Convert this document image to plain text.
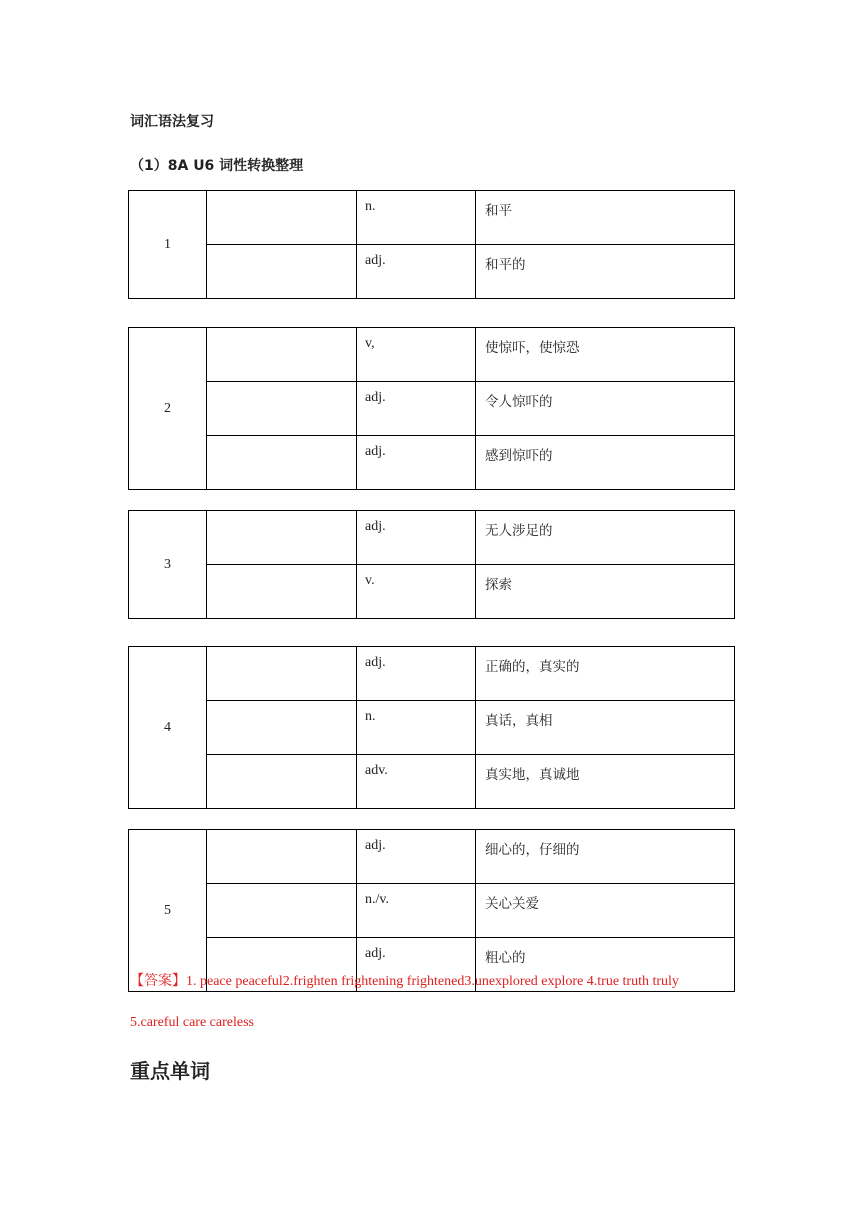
词汇语法复习
（1）8A U6 词性转换整理
1		n.	和平
		adj.	和平的
2		v,	使惊吓，使惊恐
		adj.	令人惊吓的
		adj.	感到惊吓的
3		adj.	无人涉足的
		v.	探索
4		adj.	正确的，真实的
		n.	真话，真相
		adv.	真实地，真诚地
5		adj.	细心的，仔细的
		n./v.	关心关爱
		adj.	粗心的
【答案】1. peace peaceful2.frighten frightening frightened3.unexplored explore 4.true truth truly
5.careful care careless
重点单词
